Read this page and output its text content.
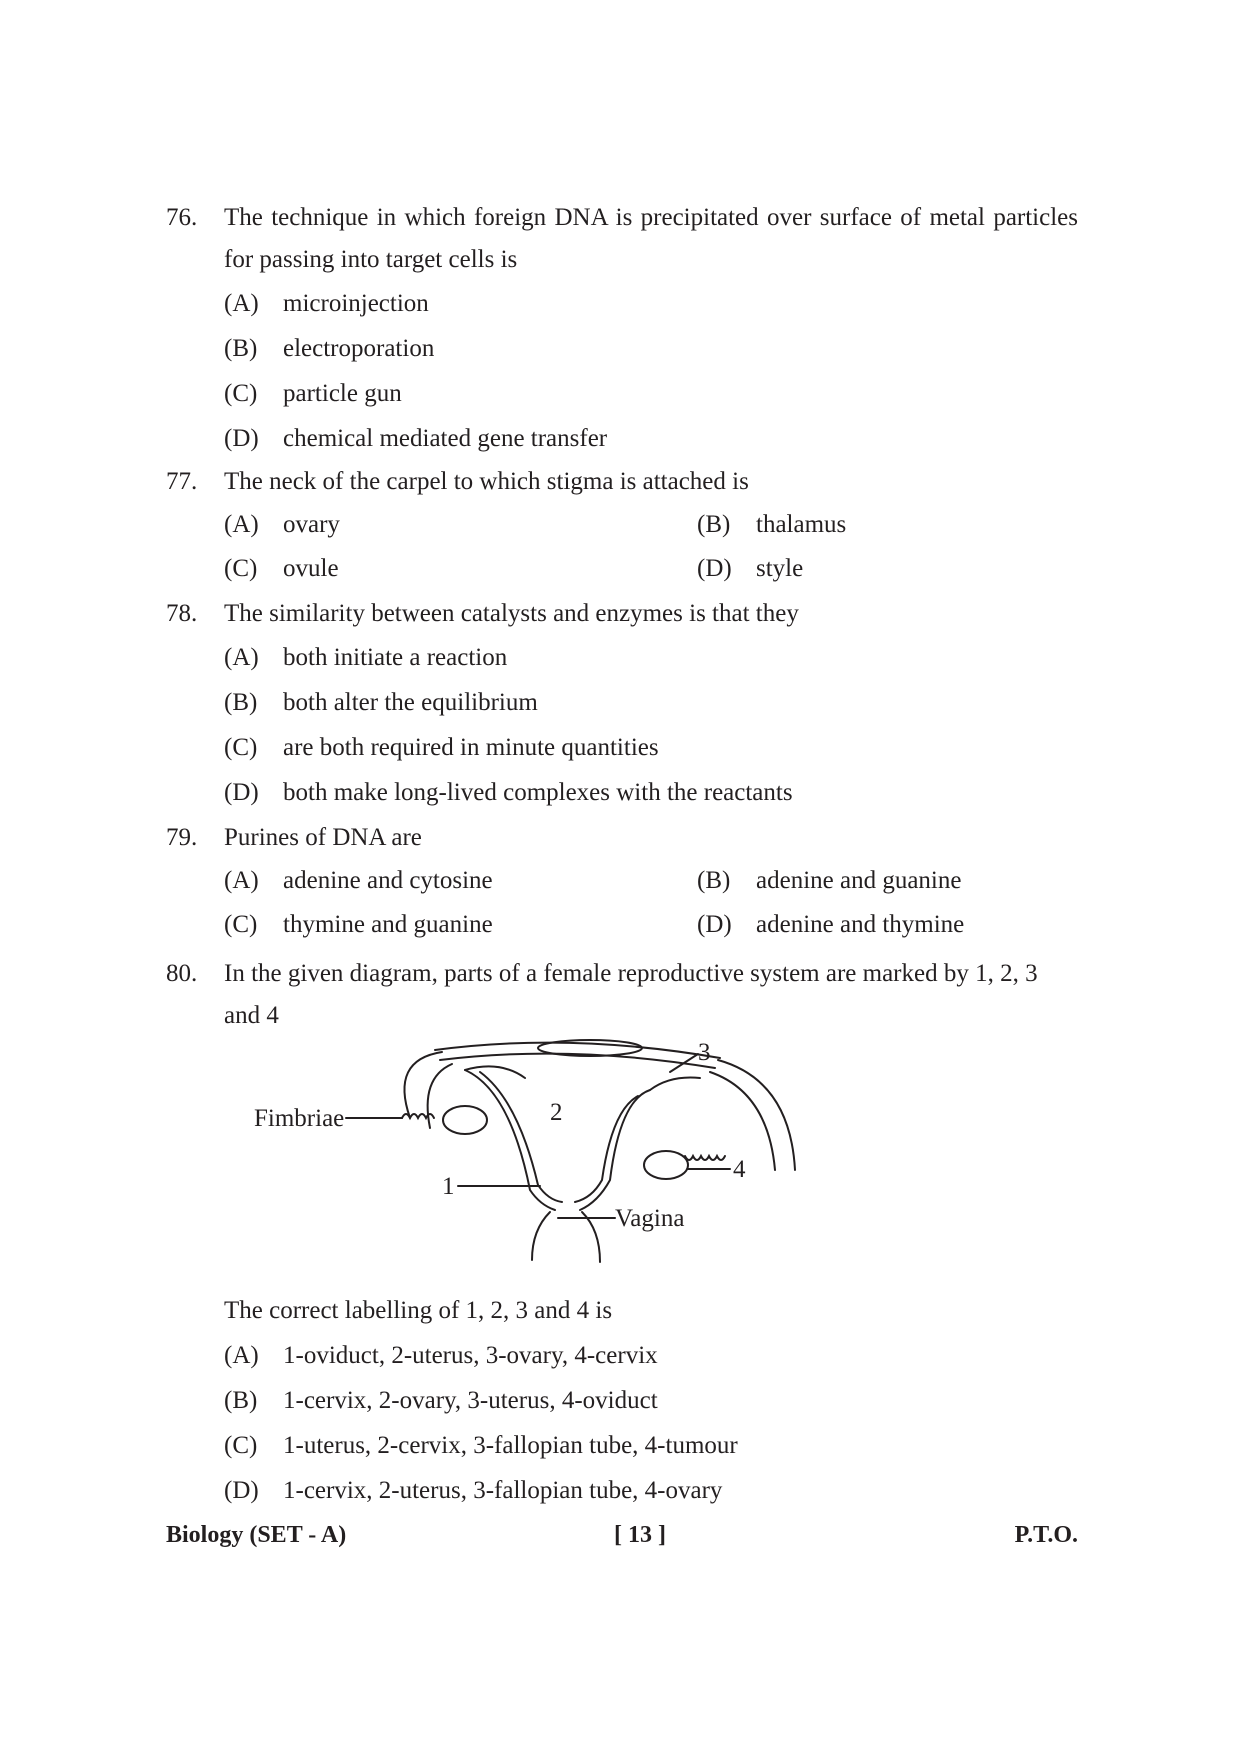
76.	The technique in which foreign DNA is precipitated over surface of metal particles for passing into target cells is
(A) microinjection
(B)	electroporation
(C)	particle gun
(D) chemical mediated gene transfer
77.	The neck of the carpel to which stigma is attached is
(A) ovary	(B)	thalamus
(C)	ovule	(D) style
78.	The similarity between catalysts and enzymes is that they
(A) both initiate a reaction
(B)	both alter the equilibrium
(C)	are both required in minute quantities
(D) both make long-lived complexes with the reactants
79.	Purines of DNA are
(A) adenine and cytosine	(B)	adenine and guanine
(C)	thymine and guanine	(D) adenine and thymine
80.	In the given diagram, parts of a female reproductive system are marked by 1, 2, 3 and 4
Fimbriae	2
3
4
1
Vagina
The correct labelling of 1, 2, 3 and 4 is
(A) 1-oviduct, 2-uterus, 3-ovary, 4-cervix
(B)	1-cervix, 2-ovary, 3-uterus, 4-oviduct
(C)	1-uterus, 2-cervix, 3-fallopian tube, 4-tumour
(D) 1-cervix, 2-uterus, 3-fallopian tube, 4-ovary
Biology (SET - A)	[ 13 ]	P.T.O.
